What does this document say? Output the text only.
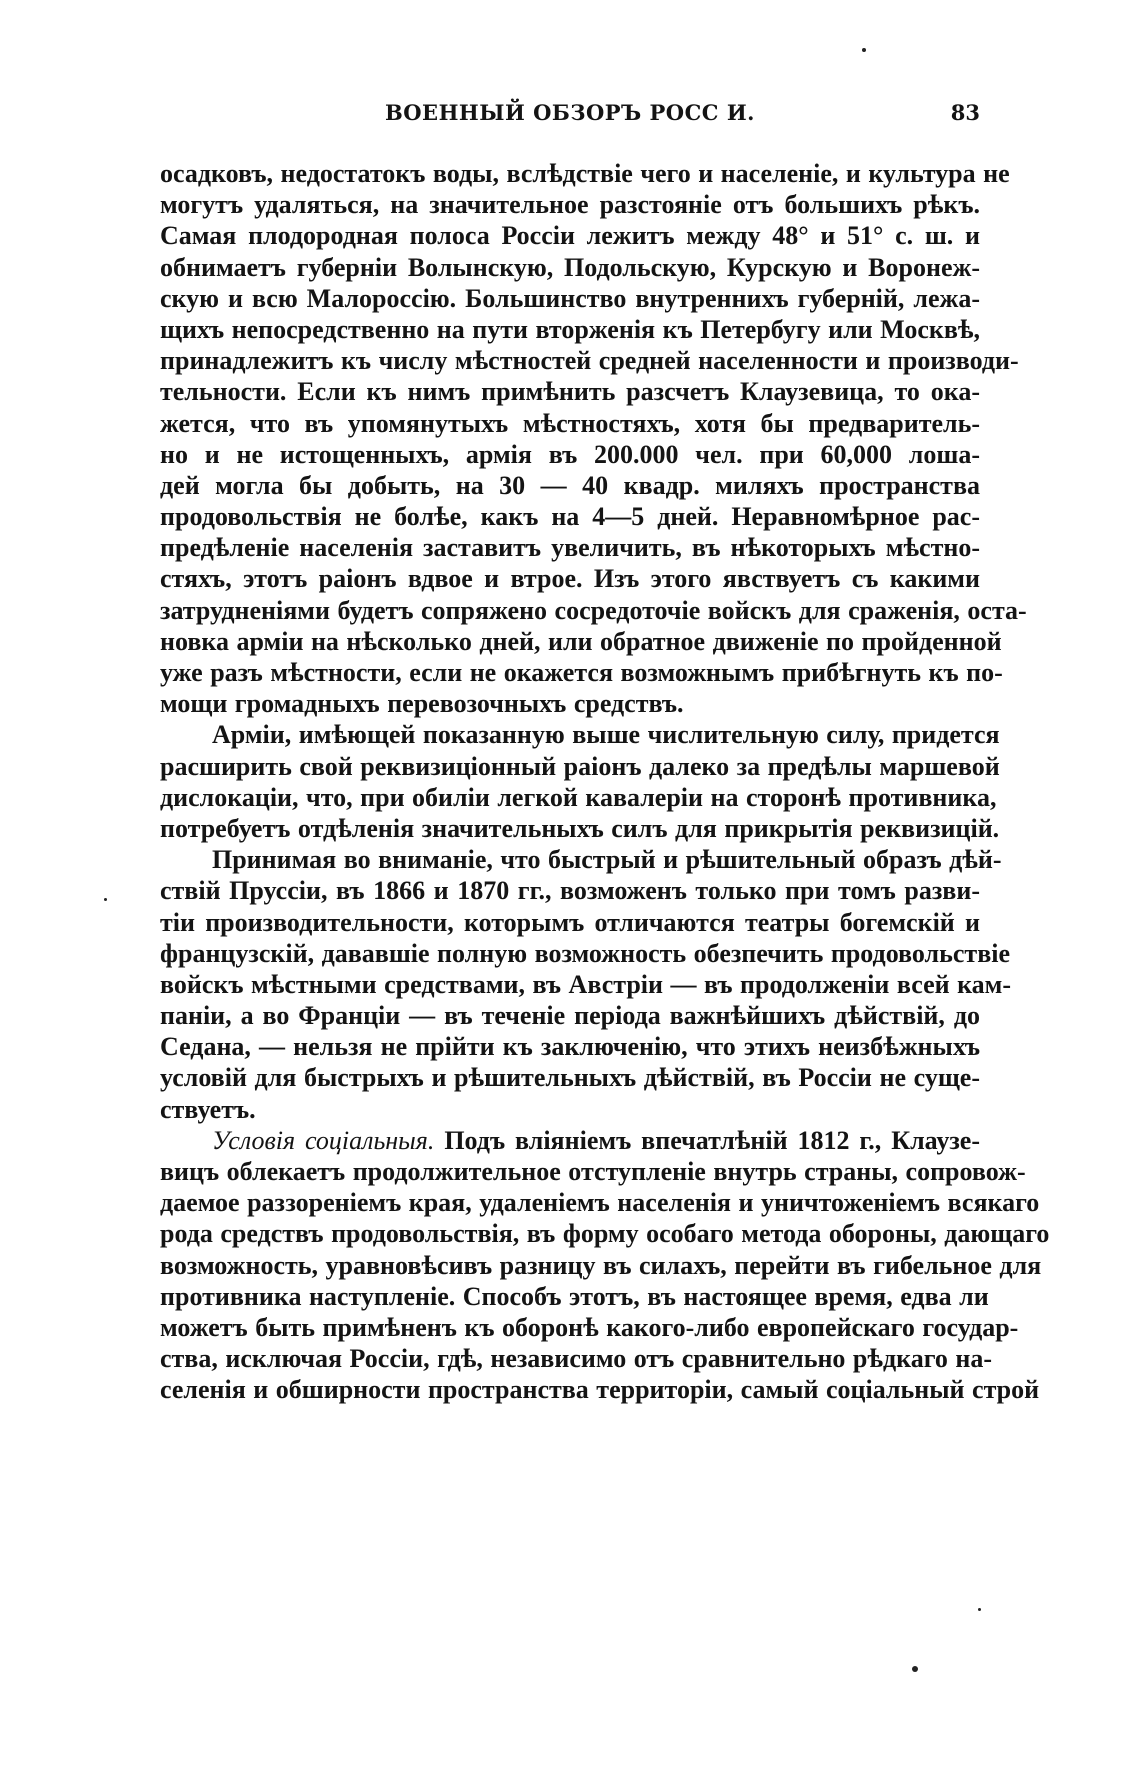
ВОЕННЫЙ ОБЗОРЪ РОСС И.	83
осадковъ, недостатокъ воды, вслѣдствіе чего и населеніе, и культура не
могутъ удаляться, на значительное разстояніе отъ большихъ рѣкъ.
Самая плодородная полоса Россіи лежитъ между 48° и 51° с. ш. и
обнимаетъ губерніи Волынскую, Подольскую, Курскую и Воронеж-
скую и всю Малороссію. Большинство внутреннихъ губерній, лежа-
щихъ непосредственно на пути вторженія къ Петербугу или Москвѣ,
принадлежитъ къ числу мѣстностей средней населенности и производи-
тельности. Если къ нимъ примѣнить разсчетъ Клаузевица, то ока-
жется, что въ упомянутыхъ мѣстностяхъ, хотя бы предваритель-
но и не истощенныхъ, армія въ 200.000 чел. при 60,000 лоша-
дей могла бы добыть, на 30 — 40 квадр. миляхъ пространства
продовольствія не болѣе, какъ на 4—5 дней. Неравномѣрное рас-
предѣленіе населенія заставитъ увеличить, въ нѣкоторыхъ мѣстно-
стяхъ, этотъ раіонъ вдвое и втрое. Изъ этого явствуетъ съ какими
затрудненіями будетъ сопряжено сосредоточіе войскъ для сраженія, оста-
новка арміи на нѣсколько дней, или обратное движеніе по пройденной
уже разъ мѣстности, если не окажется возможнымъ прибѣгнуть къ по-
мощи громадныхъ перевозочныхъ средствъ.
Арміи, имѣющей показанную выше числительную силу, придется
расширить свой реквизиціонный раіонъ далеко за предѣлы маршевой
дислокаціи, что, при обиліи легкой кавалеріи на сторонѣ противника,
потребуетъ отдѣленія значительныхъ силъ для прикрытія реквизицій.
Принимая во вниманіе, что быстрый и рѣшительный образъ дѣй-
ствій Пруссіи, въ 1866 и 1870 гг., возможенъ только при томъ разви-
тіи производительности, которымъ отличаются театры богемскій и
французскій, дававшіе полную возможность обезпечить продовольствіе
войскъ мѣстными средствами, въ Австріи — въ продолженіи всей кам-
паніи, а во Франціи — въ теченіе періода важнѣйшихъ дѣйствій, до
Седана, — нельзя не прійти къ заключенію, что этихъ неизбѣжныхъ
условій для быстрыхъ и рѣшительныхъ дѣйствій, въ Россіи не суще-
ствуетъ.
Условія соціальныя. Подъ вліяніемъ впечатлѣній 1812 г., Клаузе-
вицъ облекаетъ продолжительное отступленіе внутрь страны, сопровож-
даемое раззореніемъ края, удаленіемъ населенія и уничтоженіемъ всякаго
рода средствъ продовольствія, въ форму особаго метода обороны, дающаго
возможность, уравновѣсивъ разницу въ силахъ, перейти въ гибельное для
противника наступленіе. Способъ этотъ, въ настоящее время, едва ли
можетъ быть примѣненъ къ оборонѣ какого-либо европейскаго государ-
ства, исключая Россіи, гдѣ, независимо отъ сравнительно рѣдкаго на-
селенія и обширности пространства территоріи, самый соціальный строй
